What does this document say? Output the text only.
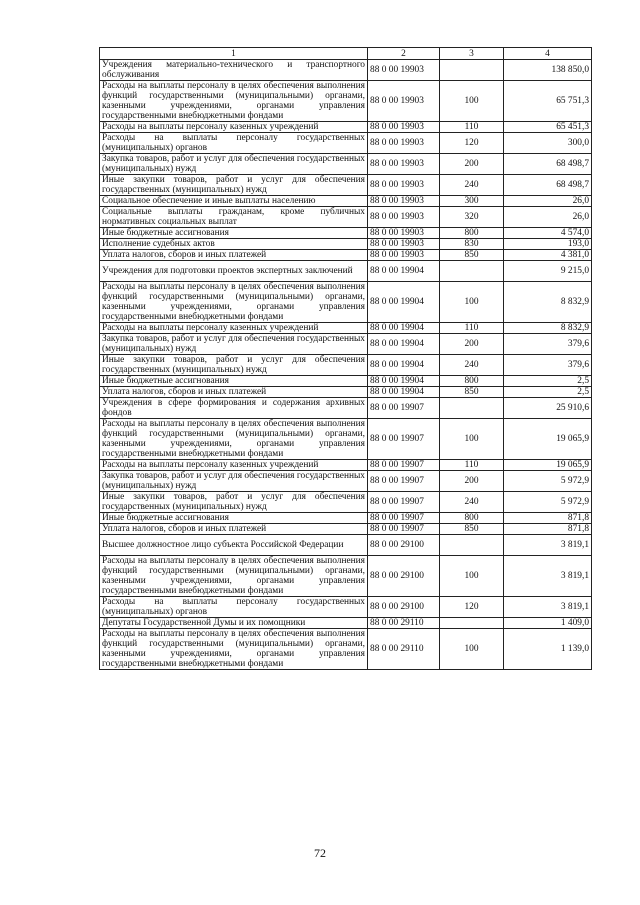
1	2	3	4
Учреждения материально-технического и транспортного обслуживания	88 0 00 19903		138 850,0
Расходы на выплаты персоналу в целях обеспечения выполнения функций государственными (муниципальными) органами, казенными учреждениями, органами управления государственными внебюджетными фондами	88 0 00 19903	100	65 751,3
Расходы на выплаты персоналу казенных учреждений	88 0 00 19903	110	65 451,3
Расходы на выплаты персоналу государственных (муниципальных) органов	88 0 00 19903	120	300,0
Закупка товаров, работ и услуг для обеспечения государственных (муниципальных) нужд	88 0 00 19903	200	68 498,7
Иные закупки товаров, работ и услуг для обеспечения государственных (муниципальных) нужд	88 0 00 19903	240	68 498,7
Социальное обеспечение и иные выплаты населению	88 0 00 19903	300	26,0
Социальные выплаты гражданам, кроме публичных нормативных социальных выплат	88 0 00 19903	320	26,0
Иные бюджетные ассигнования	88 0 00 19903	800	4 574,0
Исполнение судебных актов	88 0 00 19903	830	193,0
Уплата налогов, сборов и иных платежей	88 0 00 19903	850	4 381,0
Учреждения для подготовки проектов экспертных заключений	88 0 00 19904		9 215,0
Расходы на выплаты персоналу в целях обеспечения выполнения функций государственными (муниципальными) органами, казенными учреждениями, органами управления государственными внебюджетными фондами	88 0 00 19904	100	8 832,9
Расходы на выплаты персоналу казенных учреждений	88 0 00 19904	110	8 832,9
Закупка товаров, работ и услуг для обеспечения государственных (муниципальных) нужд	88 0 00 19904	200	379,6
Иные закупки товаров, работ и услуг для обеспечения государственных (муниципальных) нужд	88 0 00 19904	240	379,6
Иные бюджетные ассигнования	88 0 00 19904	800	2,5
Уплата налогов, сборов и иных платежей	88 0 00 19904	850	2,5
Учреждения в сфере формирования и содержания архивных фондов	88 0 00 19907		25 910,6
Расходы на выплаты персоналу в целях обеспечения выполнения функций государственными (муниципальными) органами, казенными учреждениями, органами управления государственными внебюджетными фондами	88 0 00 19907	100	19 065,9
Расходы на выплаты персоналу казенных учреждений	88 0 00 19907	110	19 065,9
Закупка товаров, работ и услуг для обеспечения государственных (муниципальных) нужд	88 0 00 19907	200	5 972,9
Иные закупки товаров, работ и услуг для обеспечения государственных (муниципальных) нужд	88 0 00 19907	240	5 972,9
Иные бюджетные ассигнования	88 0 00 19907	800	871,8
Уплата налогов, сборов и иных платежей	88 0 00 19907	850	871,8
Высшее должностное лицо субъекта Российской Федерации	88 0 00 29100		3 819,1
Расходы на выплаты персоналу в целях обеспечения выполнения функций государственными (муниципальными) органами, казенными учреждениями, органами управления государственными внебюджетными фондами	88 0 00 29100	100	3 819,1
Расходы на выплаты персоналу государственных (муниципальных) органов	88 0 00 29100	120	3 819,1
Депутаты Государственной Думы и их помощники	88 0 00 29110		1 409,0
Расходы на выплаты персоналу в целях обеспечения выполнения функций государственными (муниципальными) органами, казенными учреждениями, органами управления государственными внебюджетными фондами	88 0 00 29110	100	1 139,0
72
